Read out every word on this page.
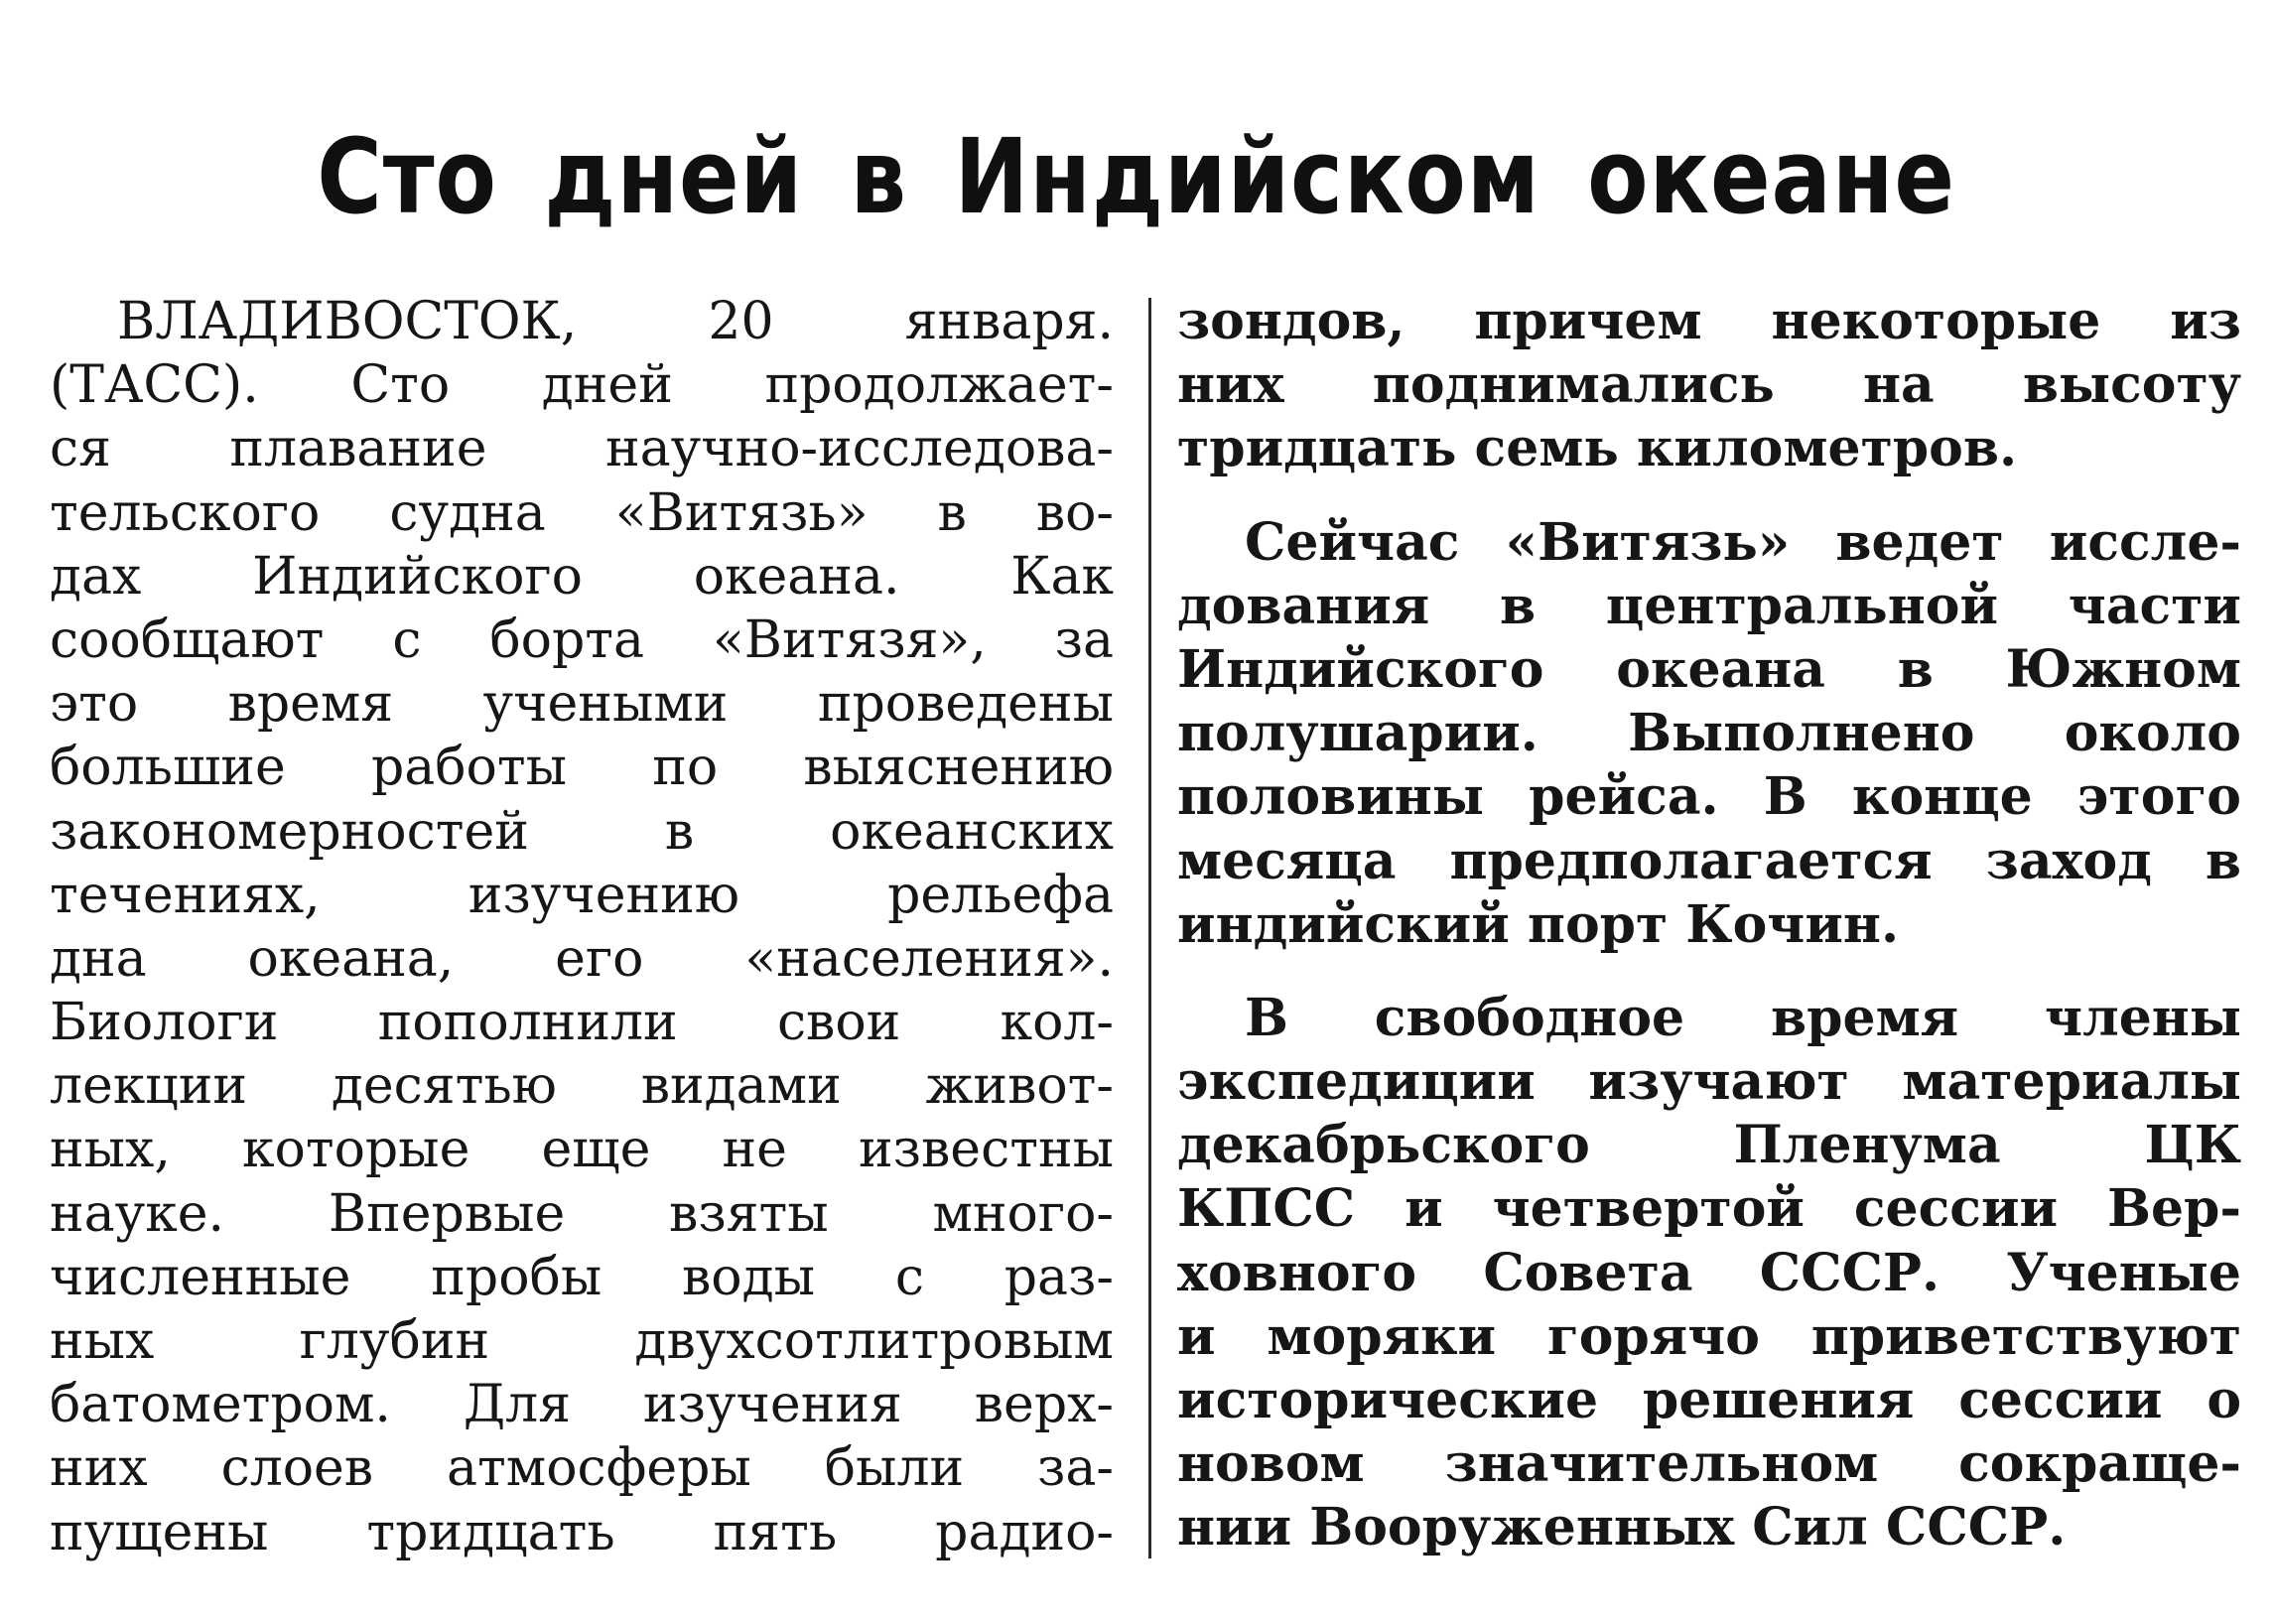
Сто дней в Индийском океане
ВЛАДИВОСТОК, 20 января.
(ТАСС). Сто дней продолжает-
ся плавание научно-исследова-
тельского судна «Витязь» в во-
дах Индийского океана. Как
сообщают с борта «Витязя», за
это время учеными проведены
большие работы по выяснению
закономерностей в океанских
течениях, изучению рельефа
дна океана, его «населения».
Биологи пополнили свои кол-
лекции десятью видами живот-
ных, которые еще не известны
науке. Впервые взяты много-
численные пробы воды с раз-
ных глубин двухсотлитровым
батометром. Для изучения верх-
них слоев атмосферы были за-
пущены тридцать пять радио-
зондов, причем некоторые из
них поднимались на высоту
тридцать семь километров.
Сейчас «Витязь» ведет иссле-
дования в центральной части
Индийского океана в Южном
полушарии. Выполнено около
половины рейса. В конце этого
месяца предполагается заход в
индийский порт Кочин.
В свободное время члены
экспедиции изучают материалы
декабрьского Пленума ЦК
КПСС и четвертой сессии Вер-
ховного Совета СССР. Ученые
и моряки горячо приветствуют
исторические решения сессии о
новом значительном сокраще-
нии Вооруженных Сил СССР.
